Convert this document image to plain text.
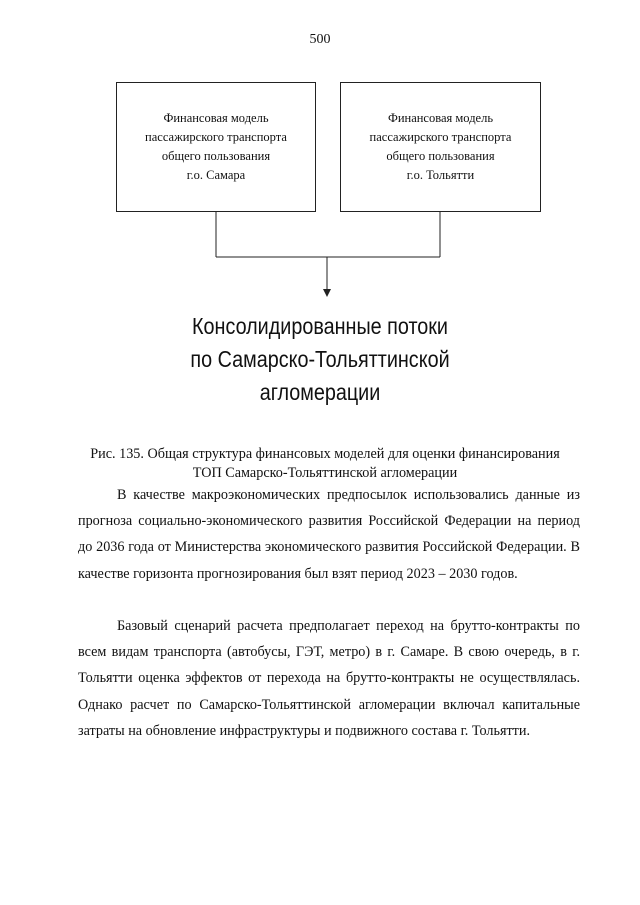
500
Финансовая модель
пассажирского транспорта
общего пользования
г.о. Самара
Финансовая модель
пассажирского транспорта
общего пользования
г.о. Тольятти
Консолидированные потоки
по Самарско-Тольяттинской
агломерации
Рис. 135. Общая структура финансовых моделей для оценки финансирования
ТОП Самарско-Тольяттинской агломерации

В качестве макроэкономических предпосылок использовались данные из прогноза социально-экономического развития Российской Федерации на период до 2036 года от Министерства экономического развития Российской Федерации. В качестве горизонта прогнозирования был взят период 2023 – 2030 годов.

Базовый сценарий расчета предполагает переход на брутто-контракты по всем видам транспорта (автобусы, ГЭТ, метро) в г. Самаре. В свою очередь, в г. Тольятти оценка эффектов от перехода на брутто-контракты не осуществлялась. Однако расчет по Самарско-Тольяттинской агломерации включал капитальные затраты на обновление инфраструктуры и подвижного состава г. Тольятти.
